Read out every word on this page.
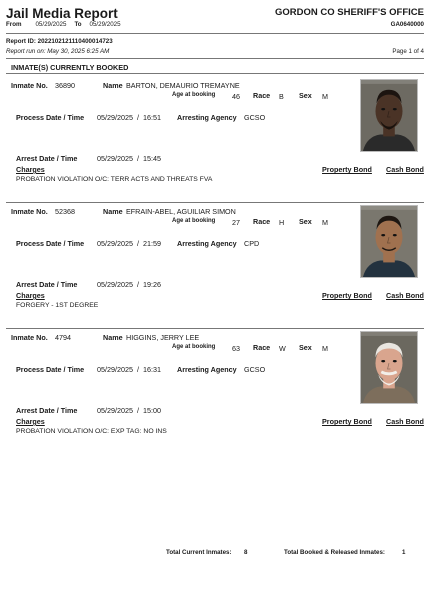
Jail Media Report
From 05/29/2025 To 05/29/2025
GORDON CO SHERIFF'S OFFICE
GA0640000
Report ID: 2022102121110400014723
Report run on: May 30, 2025 6:25 AM	Page 1 of 4
INMATE(S) CURRENTLY BOOKED
Inmate No. 36890	Name BARTON, DEMAURIO TREMAYNE
Age at booking 46 Race B Sex M
Process Date / Time 05/29/2025  /  16:51 Arresting Agency GCSO
Arrest Date / Time	05/29/2025  /  15:45
Charges	Property Bond Cash Bond
PROBATION VIOLATION O/C: TERR ACTS AND THREATS FVA
Inmate No. 52368	Name EFRAIN-ABEL, AGUILIAR SIMON
Age at booking 27 Race H Sex M
Process Date / Time 05/29/2025  /  21:59 Arresting Agency CPD
Arrest Date / Time	05/29/2025  /  19:26
Charges	Property Bond Cash Bond
FORGERY - 1ST DEGREE
Inmate No. 4794	Name HIGGINS, JERRY LEE
Age at booking 63 Race W Sex M
Process Date / Time 05/29/2025  /  16:31 Arresting Agency GCSO
Arrest Date / Time	05/29/2025  /  15:00
Charges	Property Bond Cash Bond
PROBATION VIOLATION O/C: EXP TAG: NO INS
Total Current Inmates: 8	Total Booked & Released Inmates:	1
